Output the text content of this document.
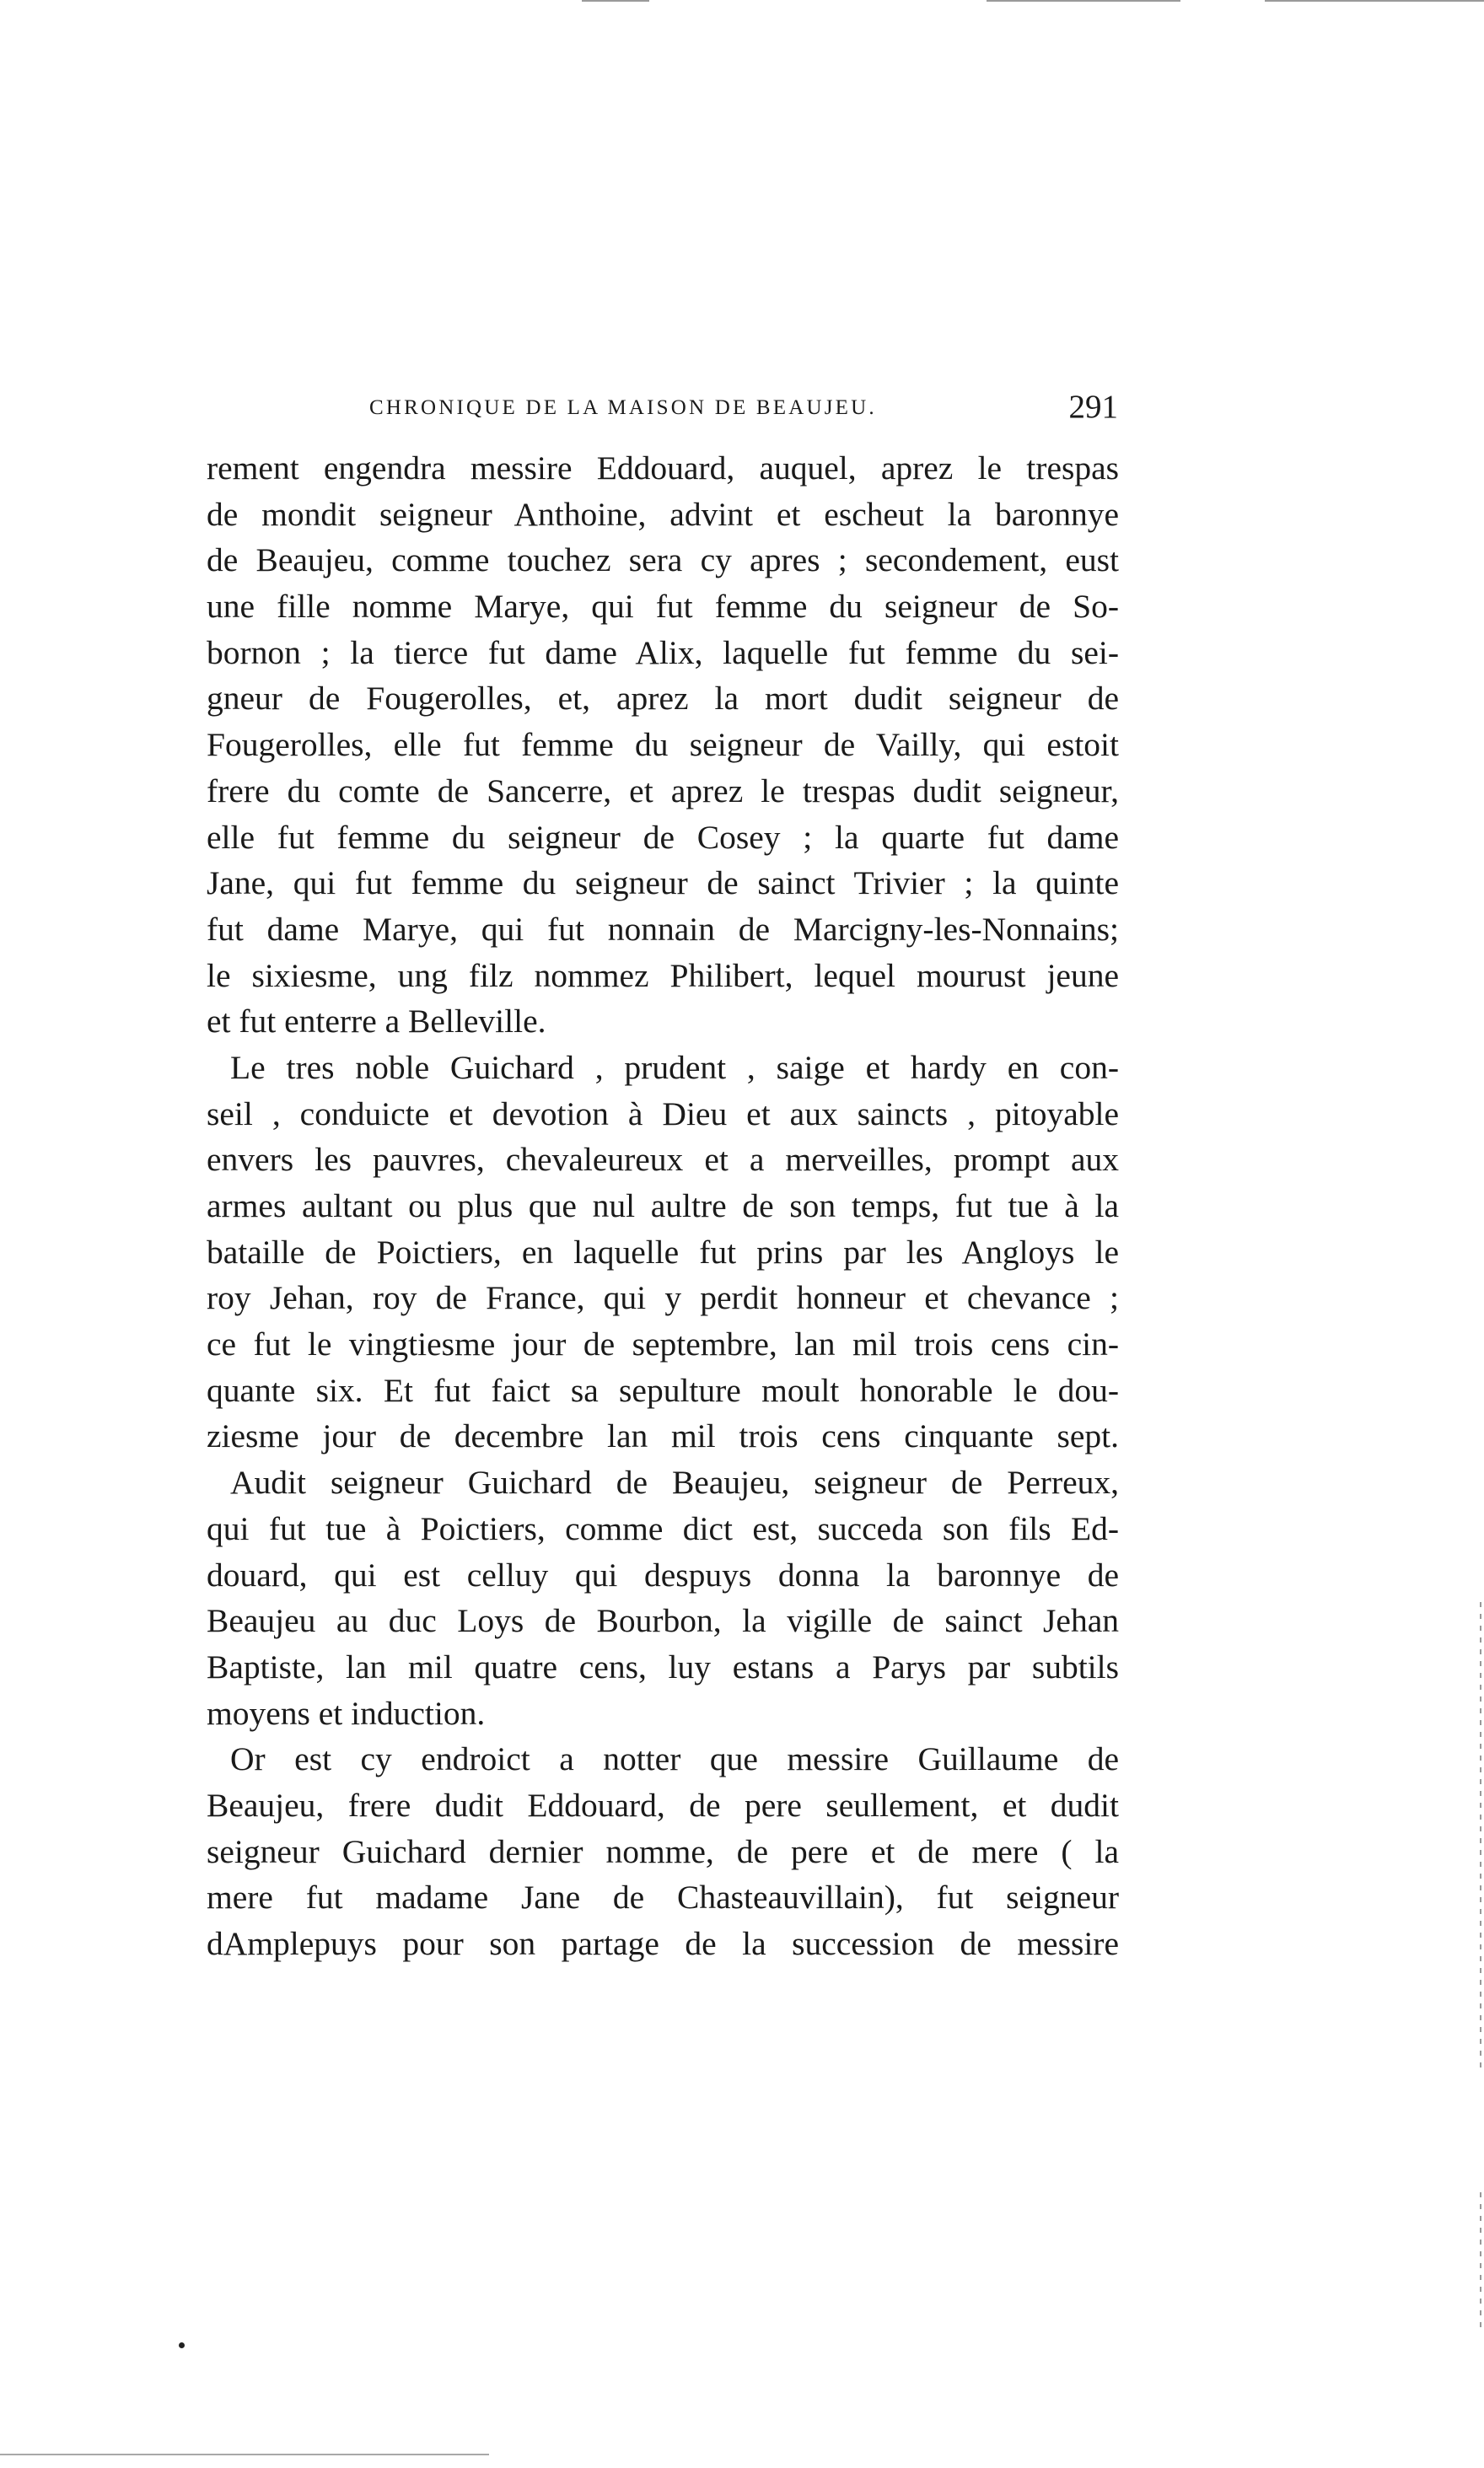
CHRONIQUE DE LA MAISON DE BEAUJEU.	291
rement engendra messire Eddouard, auquel, aprez le trespas
de mondit seigneur Anthoine, advint et escheut la baronnye
de Beaujeu, comme touchez sera cy apres ; secondement, eust
une fille nomme Marye, qui fut femme du seigneur de So-
bornon ; la tierce fut dame Alix, laquelle fut femme du sei-
gneur de Fougerolles, et, aprez la mort dudit seigneur de
Fougerolles, elle fut femme du seigneur de Vailly, qui estoit
frere du comte de Sancerre, et aprez le trespas dudit seigneur,
elle fut femme du seigneur de Cosey ; la quarte fut dame
Jane, qui fut femme du seigneur de sainct Trivier ; la quinte
fut dame Marye, qui fut nonnain de Marcigny-les-Nonnains;
le sixiesme, ung filz nommez Philibert, lequel mourust jeune
et fut enterre a Belleville.
Le tres noble Guichard , prudent , saige et hardy en con-
seil , conduicte et devotion à Dieu et aux saincts , pitoyable
envers les pauvres, chevaleureux et a merveilles, prompt aux
armes aultant ou plus que nul aultre de son temps, fut tue à la
bataille de Poictiers, en laquelle fut prins par les Angloys le
roy Jehan, roy de France, qui y perdit honneur et chevance ;
ce fut le vingtiesme jour de septembre, lan mil trois cens cin-
quante six. Et fut faict sa sepulture moult honorable le dou-
ziesme jour de decembre lan mil trois cens cinquante sept.
Audit seigneur Guichard de Beaujeu, seigneur de Perreux,
qui fut tue à Poictiers, comme dict est, succeda son fils Ed-
douard, qui est celluy qui despuys donna la baronnye de
Beaujeu au duc Loys de Bourbon, la vigille de sainct Jehan
Baptiste, lan mil quatre cens, luy estans a Parys par subtils
moyens et induction.
Or est cy endroict a notter que messire Guillaume de
Beaujeu, frere dudit Eddouard, de pere seullement, et dudit
seigneur Guichard dernier nomme, de pere et de mere ( la
mere fut madame Jane de Chasteauvillain), fut seigneur
dAmplepuys pour son partage de la succession de messire
